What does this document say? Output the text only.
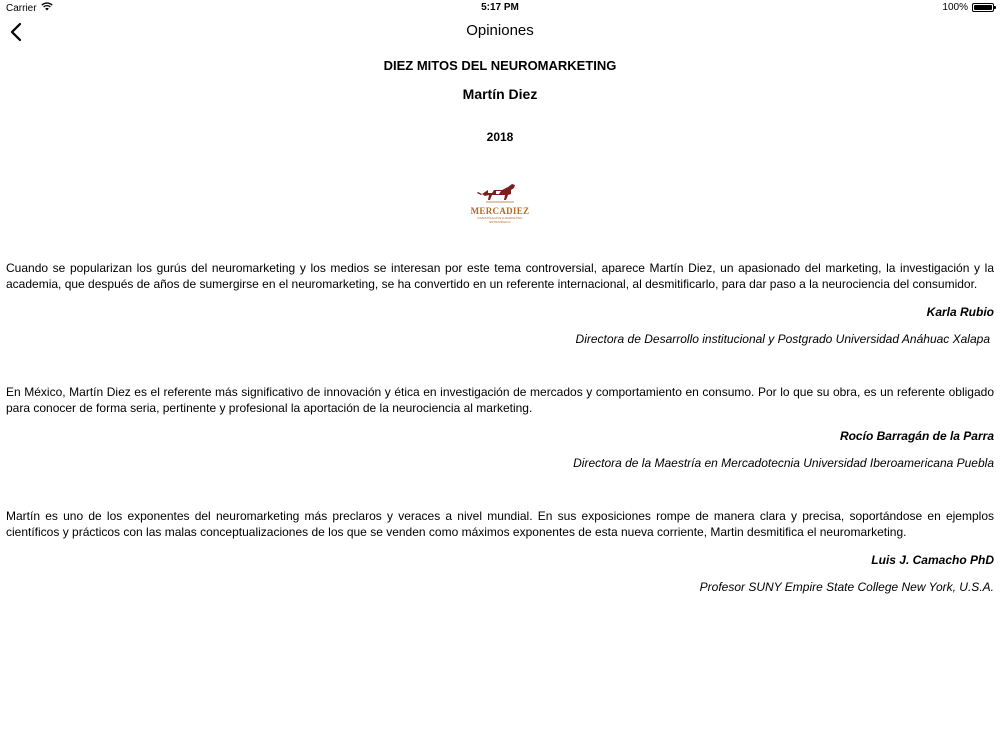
Carrier	5:17 PM	100%
Opiniones
DIEZ MITOS DEL NEUROMARKETING
Martín Diez
2018
MERCADIEZ
INVESTIGACIÓN & MARKETING ESTRATÉGICO

Cuando se popularizan los gurús del neuromarketing y los medios se interesan por este tema controversial, aparece Martín Diez, un apasionado del marketing, la investigación y la academia, que después de años de sumergirse en el neuromarketing, se ha convertido en un referente internacional, al desmitificarlo, para dar paso a la neurociencia del consumidor.

Karla Rubio
Directora de Desarrollo institucional y Postgrado Universidad Anáhuac Xalapa

En México, Martín Diez es el referente más significativo de innovación y ética en investigación de mercados y comportamiento en consumo. Por lo que su obra, es un referente obligado para conocer de forma seria, pertinente y profesional la aportación de la neurociencia al marketing.

Rocío Barragán de la Parra
Directora de la Maestría en Mercadotecnia Universidad Iberoamericana Puebla

Martín es uno de los exponentes del neuromarketing más preclaros y veraces a nivel mundial. En sus exposiciones rompe de manera clara y precisa, soportándose en ejemplos científicos y prácticos con las malas conceptualizaciones de los que se venden como máximos exponentes de esta nueva corriente, Martin desmitifica el neuromarketing.

Luis J. Camacho PhD
Profesor SUNY Empire State College New York, U.S.A.
